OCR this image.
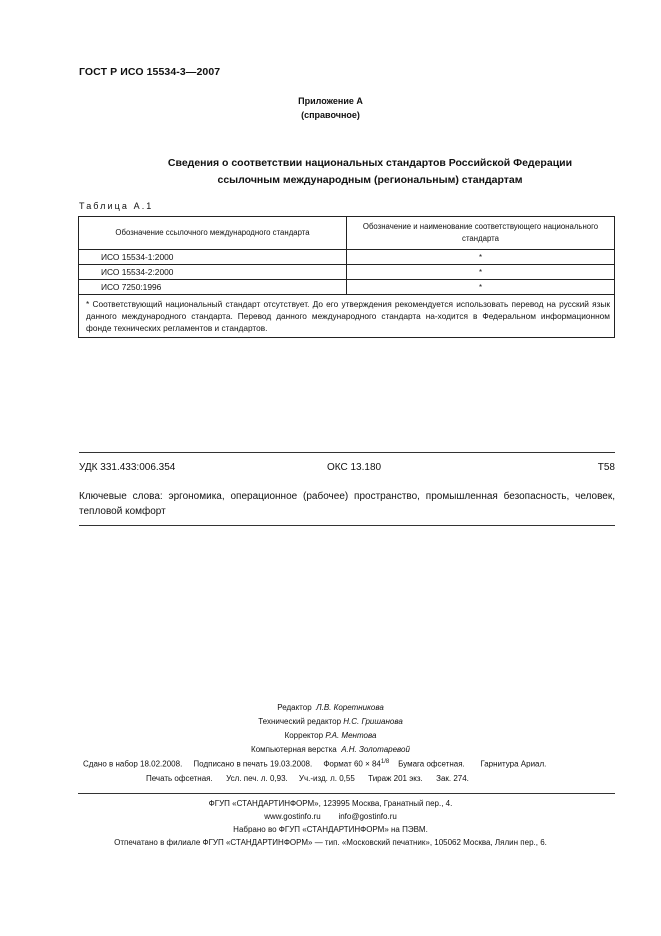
ГОСТ Р ИСО 15534-3—2007
Приложение А
(справочное)
Сведения о соответствии национальных стандартов Российской Федерации
ссылочным международным (региональным) стандартам
Таблица А.1
Обозначение ссылочного международного стандарта	Обозначение и наименование соответствующего национального стандарта
ИСО 15534-1:2000	*
ИСО 15534-2:2000	*
ИСО 7250:1996	*
* Соответствующий национальный стандарт отсутствует. До его утверждения рекомендуется использовать перевод на русский язык данного международного стандарта. Перевод данного международного стандарта на-ходится в Федеральном информационном фонде технических регламентов и стандартов.	
УДК 331.433:006.354	ОКС 13.180	Т58
Ключевые слова: эргономика, операционное (рабочее) пространство, промышленная безопасность, человек, тепловой комфорт
Редактор Л.В. Коретникова
Технический редактор Н.С. Гришанова
Корректор Р.А. Ментова
Компьютерная верстка А.Н. Золотаревой
Сдано в набор 18.02.2008. Подписано в печать 19.03.2008. Формат $60 \times 84^{1/8}$ Бумага офсетная. Гарнитура Ариал.
Печать офсетная. Усл. печ. л. 0,93. Уч.-изд. л. 0,55 Тираж 201 экз. Зак. 274.
ФГУП «СТАНДАРТИНФОРМ», 123995 Москва, Гранатный пер., 4.
www.gostinfo.ru        info@gostinfo.ru
Набрано во ФГУП «СТАНДАРТИНФОРМ» на ПЭВМ.
Отпечатано в филиале ФГУП «СТАНДАРТИНФОРМ» — тип. «Московский печатник», 105062 Москва, Лялин пер., 6.
